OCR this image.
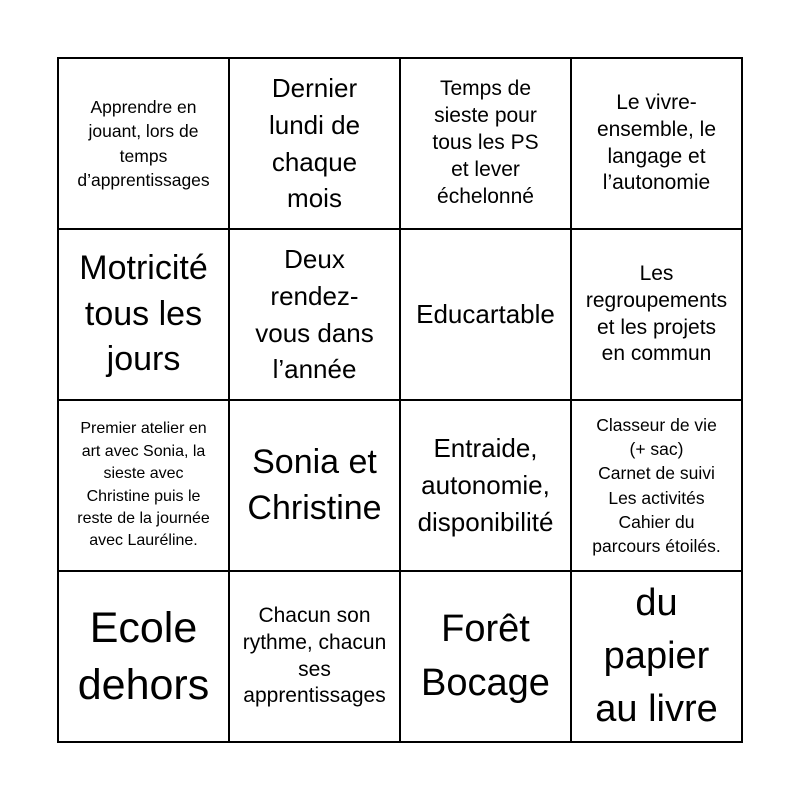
Apprendre en
jouant, lors de
temps
d’apprentissages
Dernier
lundi de
chaque
mois
Temps de
sieste pour
tous les PS
et lever
échelonné
Le vivre-
ensemble, le
langage et
l’autonomie
Motricité
tous les
jours
Deux
rendez-
vous dans
l’année
Educartable
Les
regroupements
et les projets
en commun
Premier atelier en
art avec Sonia, la
sieste avec
Christine puis le
reste de la journée
avec Lauréline.
Sonia et
Christine
Entraide,
autonomie,
disponibilité
Classeur de vie
(+ sac)
Carnet de suivi
Les activités
Cahier du
parcours étoilés.
Ecole
dehors
Chacun son
rythme, chacun
ses
apprentissages
Forêt
Bocage
du
papier
au livre
